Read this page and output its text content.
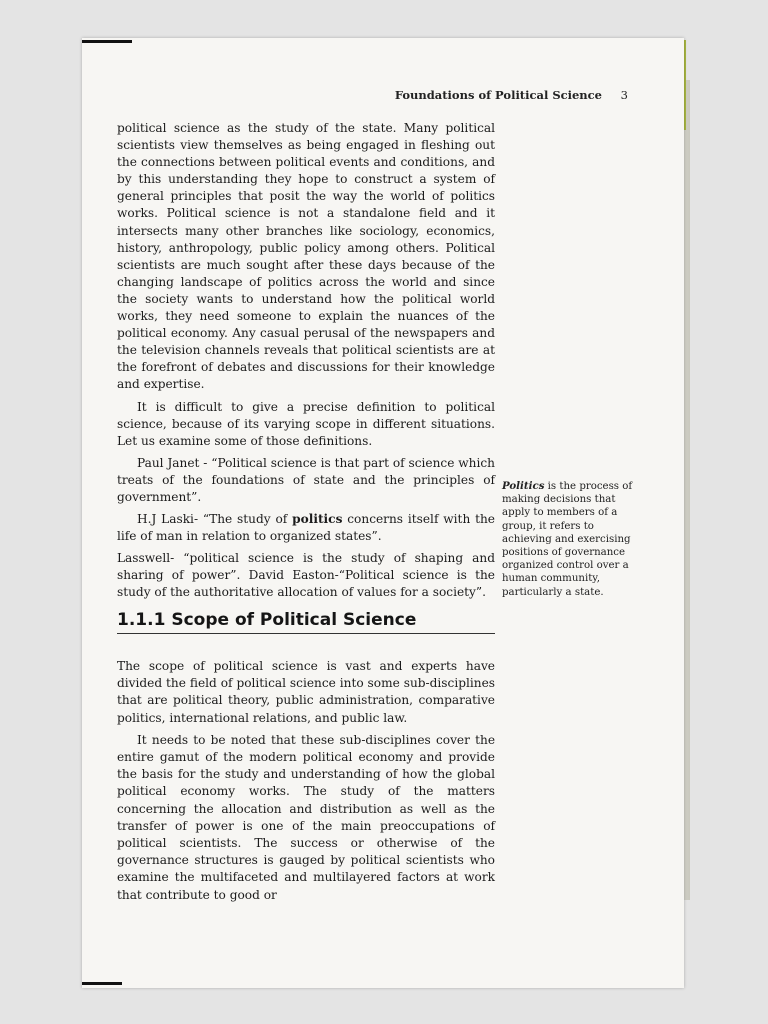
Foundations of Political Science 3

political science as the study of the state. Many political scientists view themselves as being engaged in fleshing out the connections between political events and conditions, and by this understanding they hope to construct a system of general principles that posit the way the world of politics works. Political science is not a standalone field and it intersects many other branches like sociology, economics, history, anthropology, public policy among others. Political scientists are much sought after these days because of the changing landscape of politics across the world and since the society wants to understand how the political world works, they need someone to explain the nuances of the political economy. Any casual perusal of the newspapers and the television channels reveals that political scientists are at the forefront of debates and discussions for their knowledge and expertise.

It is difficult to give a precise definition to political science, because of its varying scope in different situations. Let us examine some of those definitions.

Paul Janet - “Political science is that part of science which treats of the foundations of state and the principles of government”.

H.J Laski- “The study of politics concerns itself with the life of man in relation to organized states”.

Lasswell- “political science is the study of shaping and sharing of power”. David Easton-“Political science is the study of the authoritative allocation of values for a society”.

1.1.1 Scope of Political Science

The scope of political science is vast and experts have divided the field of political science into some sub-disciplines that are political theory, public administration, comparative politics, international relations, and public law.

It needs to be noted that these sub-disciplines cover the entire gamut of the modern political economy and provide the basis for the study and understanding of how the global political economy works. The study of the matters concerning the allocation and distribution as well as the transfer of power is one of the main preoccupations of political scientists. The success or otherwise of the governance structures is gauged by political scientists who examine the multifaceted and multilayered factors at work that contribute to good or

Politics is the process of making decisions that apply to members of a group, it refers to achieving and exercising positions of governance organized control over a human community, particularly a state.
